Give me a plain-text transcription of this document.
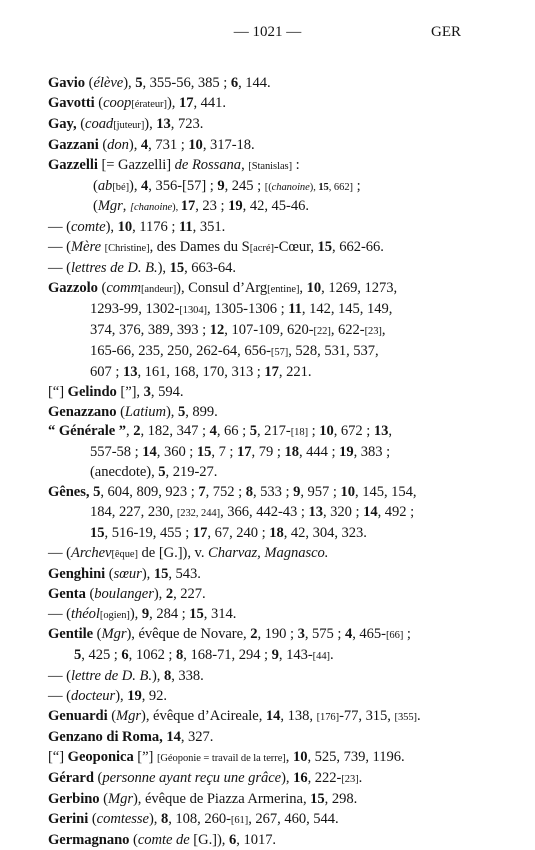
— 1021 —	GER
Gavio (élève), 5, 355-56, 385 ; 6, 144.
Gavotti (coop[érateur]), 17, 441.
Gay, (coad[juteur]), 13, 723.
Gazzani (don), 4, 731 ; 10, 317-18.
Gazzelli [= Gazzelli] de Rossana, [Stanislas] :
(ab[bé]), 4, 356-[57] ; 9, 245 ; [(chanoine), 15, 662] ;
(Mgr, [chanoine), 17, 23 ; 19, 42, 45-46.
— (comte), 10, 1176 ; 11, 351.
— (Mère [Christine], des Dames du S[acré]-Cœur, 15, 662-66.
— (lettres de D. B.), 15, 663-64.
Gazzolo (comm[andeur]), Consul d’Arg[entine], 10, 1269, 1273,
1293-99, 1302-[1304], 1305-1306 ; 11, 142, 145, 149,
374, 376, 389, 393 ; 12, 107-109, 620-[22], 622-[23],
165-66, 235, 250, 262-64, 656-[57], 528, 531, 537,
607 ; 13, 161, 168, 170, 313 ; 17, 221.
[“] Gelindo [”], 3, 594.
Genazzano (Latium), 5, 899.
“ Générale ”, 2, 182, 347 ; 4, 66 ; 5, 217-[18] ; 10, 672 ; 13,
557-58 ; 14, 360 ; 15, 7 ; 17, 79 ; 18, 444 ; 19, 383 ;
(anecdote), 5, 219-27.
Gênes, 5, 604, 809, 923 ; 7, 752 ; 8, 533 ; 9, 957 ; 10, 145, 154,
184, 227, 230, [232, 244], 366, 442-43 ; 13, 320 ; 14, 492 ;
15, 516-19, 455 ; 17, 67, 240 ; 18, 42, 304, 323.
— (Archev[êque] de [G.]), v. Charvaz, Magnasco.
Genghini (sœur), 15, 543.
Genta (boulanger), 2, 227.
— (théol[ogien]), 9, 284 ; 15, 314.
Gentile (Mgr), évêque de Novare, 2, 190 ; 3, 575 ; 4, 465-[66] ;
5, 425 ; 6, 1062 ; 8, 168-71, 294 ; 9, 143-[44].
— (lettre de D. B.), 8, 338.
— (docteur), 19, 92.
Genuardi (Mgr), évêque d’Acireale, 14, 138, [176]-77, 315, [355].
Genzano di Roma, 14, 327.
[“] Geoponica [”] [Géoponie = travail de la terre], 10, 525, 739, 1196.
Gérard (personne ayant reçu une grâce), 16, 222-[23].
Gerbino (Mgr), évêque de Piazza Armerina, 15, 298.
Gerini (comtesse), 8, 108, 260-[61], 267, 460, 544.
Germagnano (comte de [G.]), 6, 1017.
